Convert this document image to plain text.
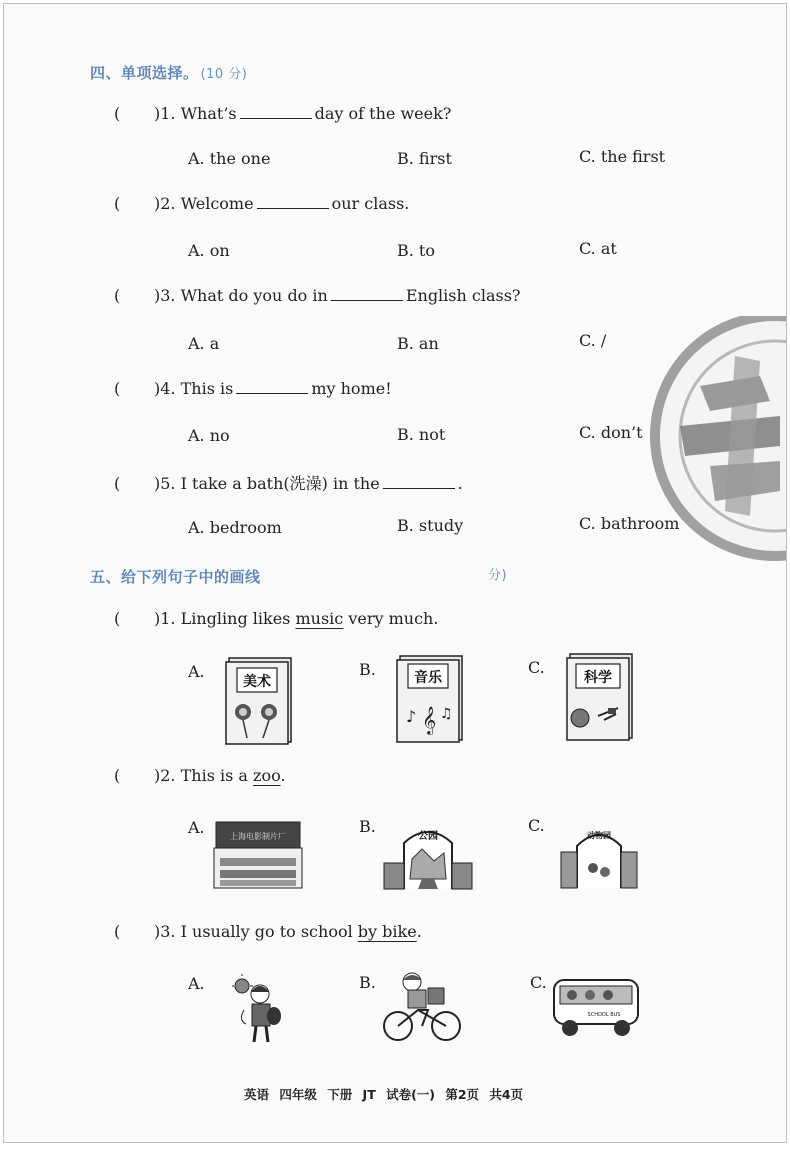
四、单项选择。 (10 分)
( )1. What’s	day of the week?
A. the one	B. first	C. the first
( )2. Welcome	our class.
A. on	B. to	C. at
( )3. What do you do in	English class?
A. a	B. an	C. /
( )4. This is	my home!
A. no	B. not	C. don’t
( )5. I take a bath(洗澡) in the	.
A. bedroom	B. study	C. bathroom
五、给下列句子中的画线	分)
( )1. Lingling likes music very much.
A.	B.	C.
美术	音乐
♪ 𝄞 ♫
科学
( )2. This is a zoo.
A.	B.	C.
上海电影制片厂	公园	动物园
( )3. I usually go to school by bike.
A.	B.	C.
SCHOOL BUS
英语 四年级 下册 JT 试卷(一) 第2页 共4页
